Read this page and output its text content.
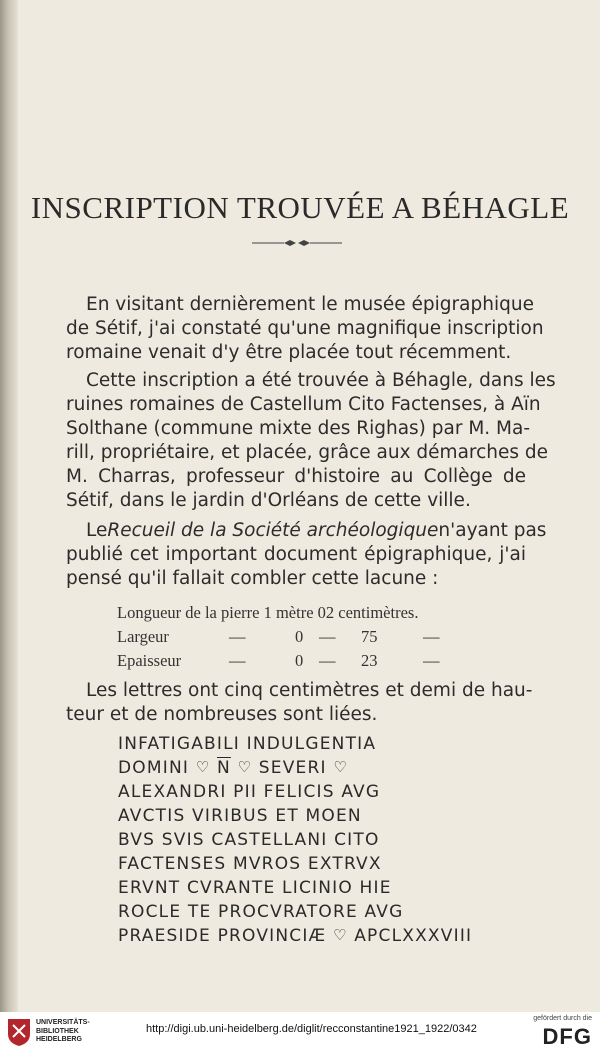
INSCRIPTION TROUVÉE A BÉHAGLE
En visitant dernièrement le musée épigraphique
de Sétif, j'ai constaté qu'une magnifique inscription
romaine venait d'y être placée tout récemment.
Cette inscription a été trouvée à Béhagle, dans les
ruines romaines de Castellum Cito Factenses, à Aïn
Solthane (commune mixte des Righas) par M. Ma-
rill, propriétaire, et placée, grâce aux démarches de
M. Charras, professeur d'histoire au Collège de
Sétif, dans le jardin d'Orléans de cette ville.
Le Recueil de la Société archéologique n'ayant pas
publié cet important document épigraphique, j'ai
pensé qu'il fallait combler cette lacune :
Longueur de la pierre 1 mètre 02 centimètres.
Largeur	—	0 — 75	—
Epaisseur	—	0 — 23	—
Les lettres ont cinq centimètres et demi de hau-
teur et de nombreuses sont liées.
INFATIGABILI INDULGENTIA
DOMINI ♡ $\overline{N}$ ♡ SEVERI ♡
ALEXANDRI PII FELICIS AVG
AVCTIS VIRIBUS ET MOEN
BVS SVIS CASTELLANI CITO
FACTENSES MVROS EXTRVX
ERVNT CVRANTE LICINIO HIE
ROCLE TE PROCVRATORE AVG
PRAESIDE PROVINCIÆ ♡ APCLXXXVIII
UNIVERSITÄTS-
BIBLIOTHEK
HEIDELBERG
http://digi.ub.uni-heidelberg.de/diglit/recconstantine1921_1922/0342
gefördert durch die
DFG
